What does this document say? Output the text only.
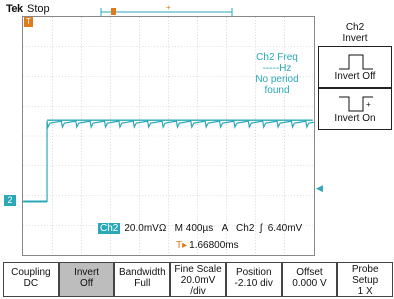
Tek Stop	+
T
2
◀
Ch2 Freq
-----Hz
No period
found
Ch2 20.0mVΩ M 400µs A Ch2 ʃ 6.40mV
T▸ 1.66800ms
Ch2
Invert
Invert Off
+
Invert On
Coupling
DC
Invert
Off
Bandwidth
Full
Fine Scale
20.0mV
/div
Position
-2.10 div
Offset
0.000 V
Probe
Setup
1 X
